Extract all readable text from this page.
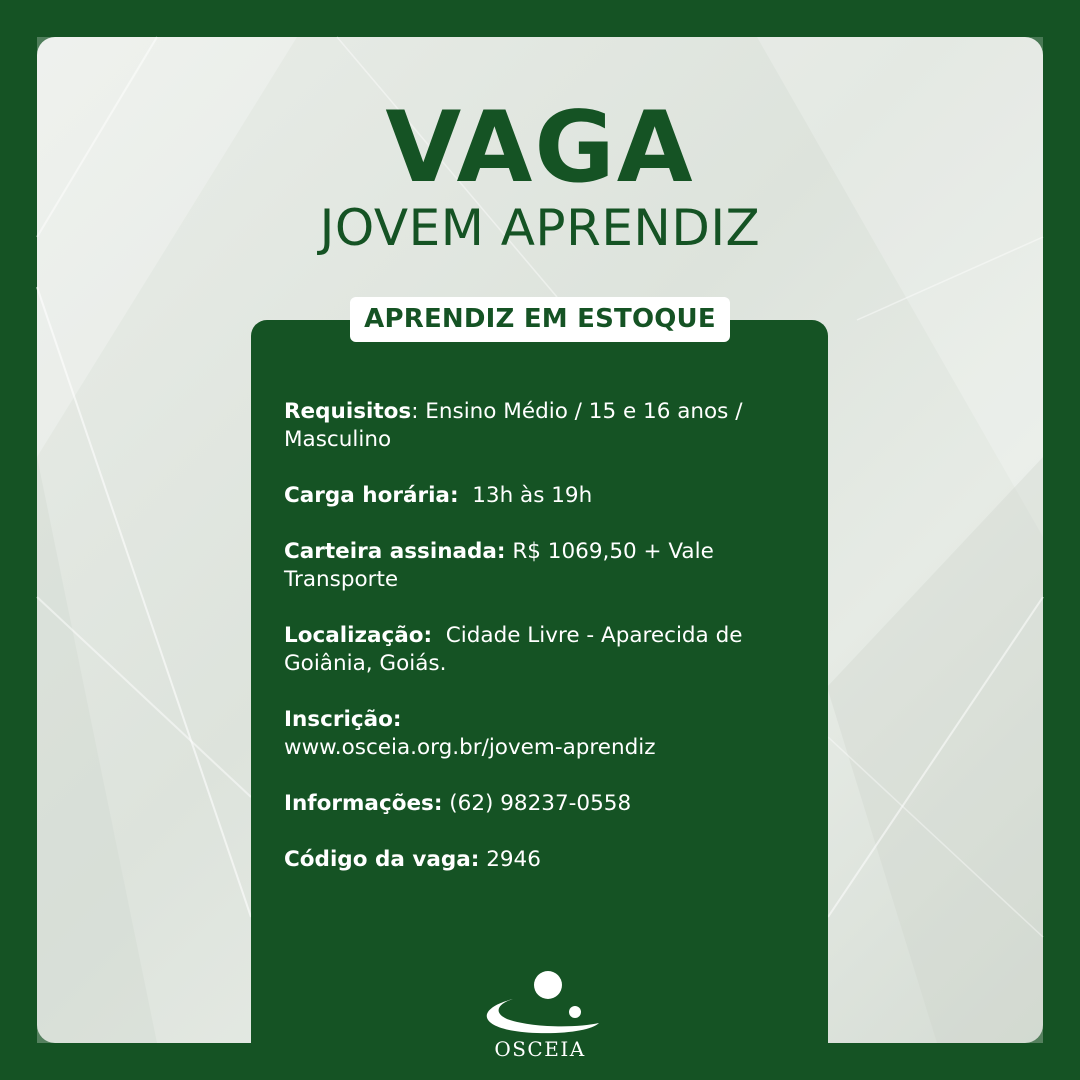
VAGA
JOVEM APRENDIZ
APRENDIZ EM ESTOQUE
Requisitos: Ensino Médio / 15 e 16 anos / Masculino
Carga horária: 13h às 19h
Carteira assinada: R$ 1069,50 + Vale Transporte
Localização: Cidade Livre - Aparecida de Goiânia, Goiás.
Inscrição:
www.osceia.org.br/jovem-aprendiz
Informações: (62) 98237-0558
Código da vaga: 2946
OSCEIA
